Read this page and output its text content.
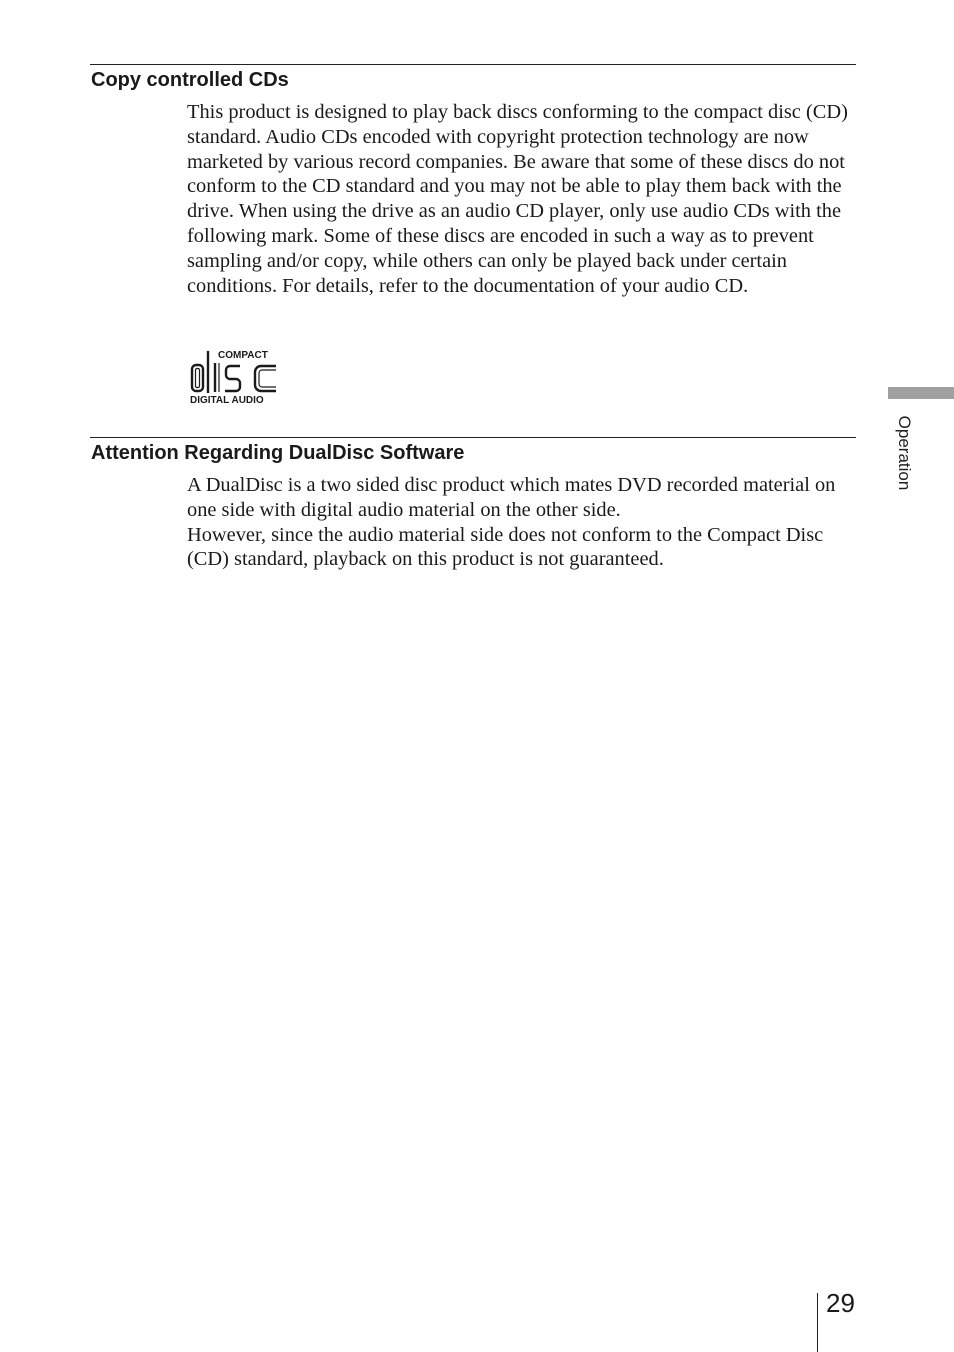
Copy controlled CDs

This product is designed to play back discs conforming to the compact disc (CD) standard. Audio CDs encoded with copyright protection technology are now marketed by various record companies. Be aware that some of these discs do not conform to the CD standard and you may not be able to play them back with the drive. When using the drive as an audio CD player, only use audio CDs with the following mark. Some of these discs are encoded in such a way as to prevent sampling and/or copy, while others can only be played back under certain conditions. For details, refer to the documentation of your audio CD.

COMPACT
disc
DIGITAL AUDIO
Attention Regarding DualDisc Software

A DualDisc is a two sided disc product which mates DVD recorded material on one side with digital audio material on the other side.

However, since the audio material side does not conform to the Compact Disc (CD) standard, playback on this product is not guaranteed.

Operation
29
